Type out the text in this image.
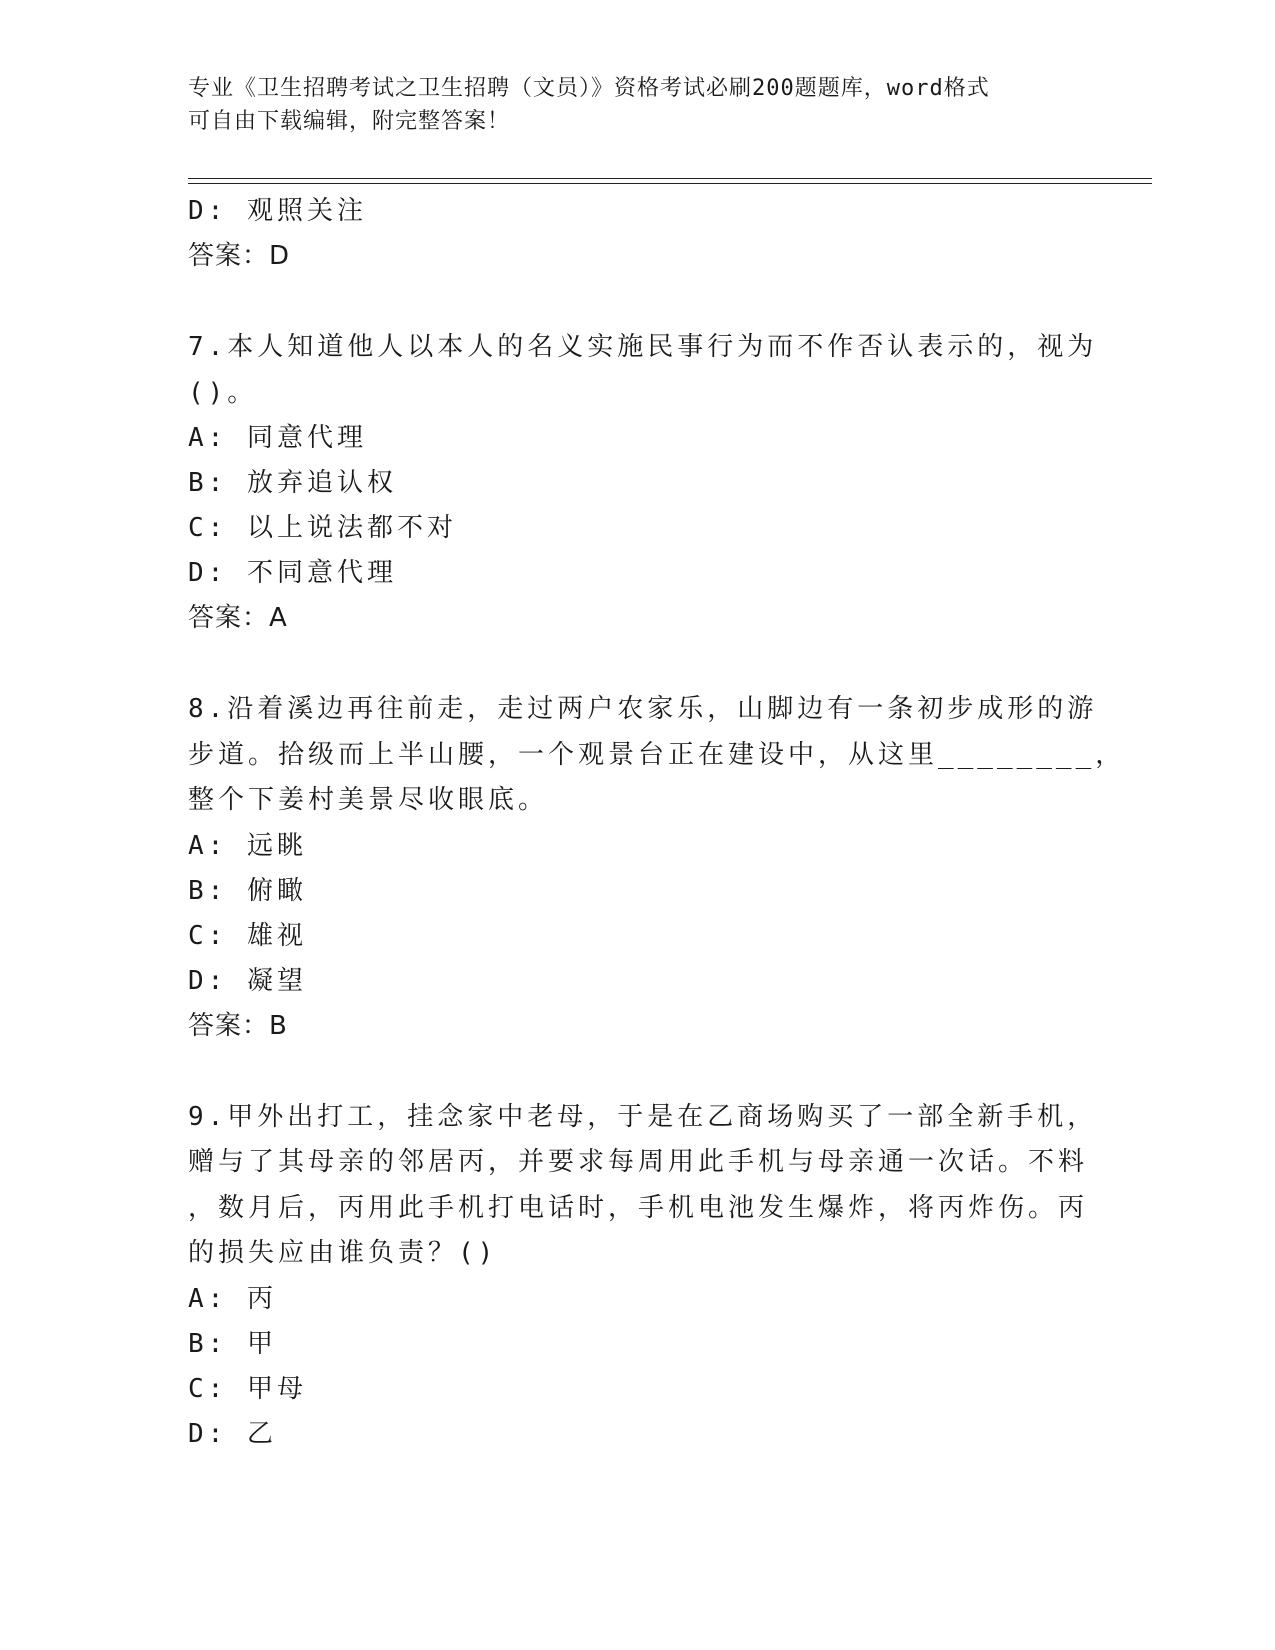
专业《卫生招聘考试之卫生招聘（文员）》资格考试必刷200题题库，word格式
可自由下载编辑，附完整答案！
D: 观照关注
答案：D
7.本人知道他人以本人的名义实施民事行为而不作否认表示的，视为
()。
A: 同意代理
B: 放弃追认权
C: 以上说法都不对
D: 不同意代理
答案：A
8.沿着溪边再往前走，走过两户农家乐，山脚边有一条初步成形的游
步道。拾级而上半山腰，一个观景台正在建设中，从这里________，
整个下姜村美景尽收眼底。
A: 远眺
B: 俯瞰
C: 雄视
D: 凝望
答案：B
9.甲外出打工，挂念家中老母，于是在乙商场购买了一部全新手机，
赠与了其母亲的邻居丙，并要求每周用此手机与母亲通一次话。不料
，数月后，丙用此手机打电话时，手机电池发生爆炸，将丙炸伤。丙
的损失应由谁负责？()
A: 丙
B: 甲
C: 甲母
D: 乙
